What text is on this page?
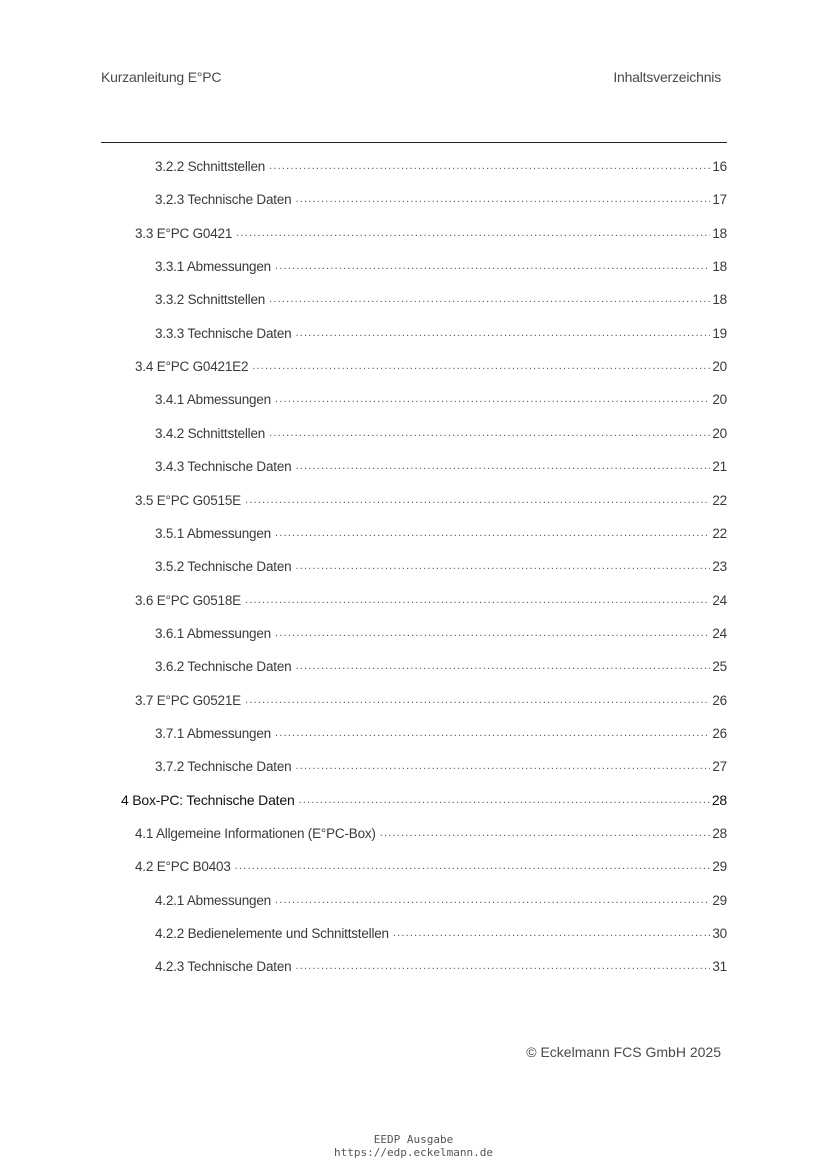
Kurzanleitung E°PC	Inhaltsverzeichnis
3.2.2 Schnittstellen .....	16
3.2.3 Technische Daten .....	17
3.3 E°PC G0421 .....	18
3.3.1 Abmessungen .....	18
3.3.2 Schnittstellen .....	18
3.3.3 Technische Daten .....	19
3.4 E°PC G0421E2 .....	20
3.4.1 Abmessungen .....	20
3.4.2 Schnittstellen .....	20
3.4.3 Technische Daten .....	21
3.5 E°PC G0515E .....	22
3.5.1 Abmessungen .....	22
3.5.2 Technische Daten .....	23
3.6 E°PC G0518E .....	24
3.6.1 Abmessungen .....	24
3.6.2 Technische Daten .....	25
3.7 E°PC G0521E .....	26
3.7.1 Abmessungen .....	26
3.7.2 Technische Daten .....	27
4 Box-PC: Technische Daten .....	28
4.1 Allgemeine Informationen (E°PC-Box) .....	28
4.2 E°PC B0403 .....	29
4.2.1 Abmessungen .....	29
4.2.2 Bedienelemente und Schnittstellen .....	30
4.2.3 Technische Daten .....	31
© Eckelmann FCS GmbH 2025
EEDP Ausgabe
https://edp.eckelmann.de
